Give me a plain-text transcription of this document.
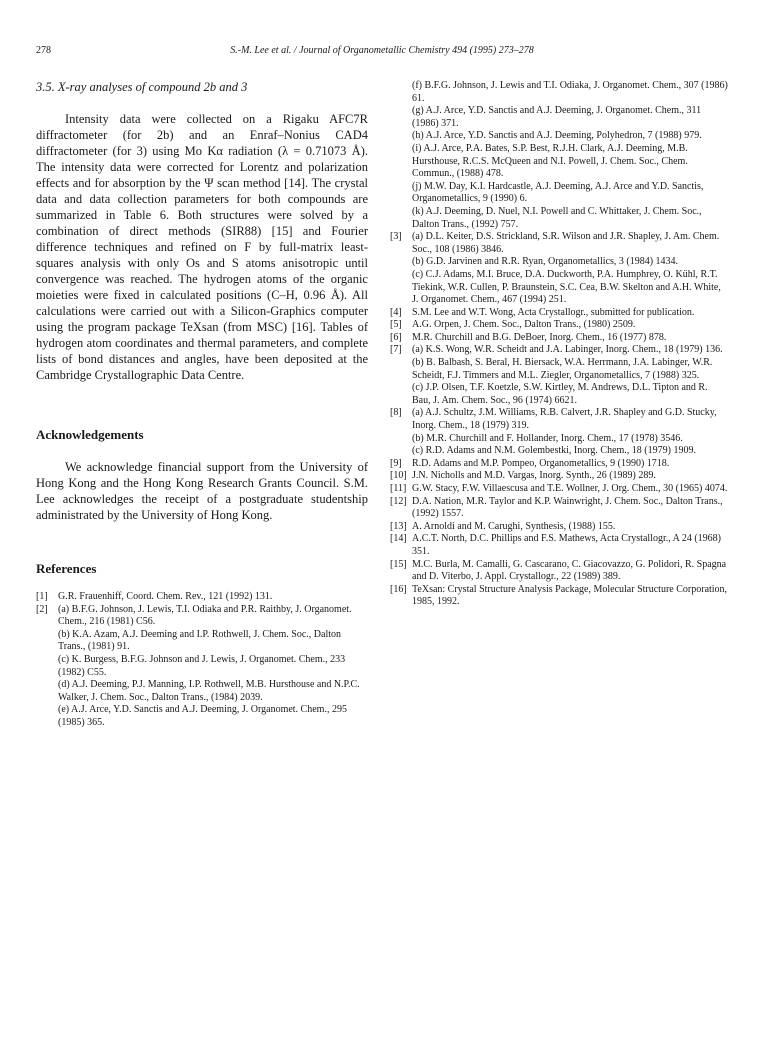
278	S.-M. Lee et al. / Journal of Organometallic Chemistry 494 (1995) 273–278
3.5. X-ray analyses of compound 2b and 3

Intensity data were collected on a Rigaku AFC7R diffractometer (for 2b) and an Enraf–Nonius CAD4 diffractometer (for 3) using Mo Kα radiation (λ = 0.71073 Å). The intensity data were corrected for Lorentz and polarization effects and for absorption by the Ψ scan method [14]. The crystal data and data collection parameters for both compounds are summarized in Table 6. Both structures were solved by a combination of direct methods (SIR88) [15] and Fourier difference techniques and refined on F by full-matrix least-squares analysis with only Os and S atoms anisotropic until convergence was reached. The hydrogen atoms of the organic moieties were fixed in calculated positions (C–H, 0.96 Å). All calculations were carried out with a Silicon-Graphics computer using the program package TeXsan (from MSC) [16]. Tables of hydrogen atom coordinates and thermal parameters, and complete lists of bond distances and angles, have been deposited at the Cambridge Crystallographic Data Centre.

Acknowledgements

We acknowledge financial support from the University of Hong Kong and the Hong Kong Research Grants Council. S.M. Lee acknowledges the receipt of a postgraduate studentship administrated by the University of Hong Kong.

References
[1]	G.R. Frauenhiff, Coord. Chem. Rev., 121 (1992) 131.
[2]	(a) B.F.G. Johnson, J. Lewis, T.I. Odiaka and P.R. Raithby, J. Organomet. Chem., 216 (1981) C56.
(b) K.A. Azam, A.J. Deeming and I.P. Rothwell, J. Chem. Soc., Dalton Trans., (1981) 91.
(c) K. Burgess, B.F.G. Johnson and J. Lewis, J. Organomet. Chem., 233 (1982) C55.
(d) A.J. Deeming, P.J. Manning, I.P. Rothwell, M.B. Hursthouse and N.P.C. Walker, J. Chem. Soc., Dalton Trans., (1984) 2039.
(e) A.J. Arce, Y.D. Sanctis and A.J. Deeming, J. Organomet. Chem., 295 (1985) 365.
(f) B.F.G. Johnson, J. Lewis and T.I. Odiaka, J. Organomet. Chem., 307 (1986) 61.
(g) A.J. Arce, Y.D. Sanctis and A.J. Deeming, J. Organomet. Chem., 311 (1986) 371.
(h) A.J. Arce, Y.D. Sanctis and A.J. Deeming, Polyhedron, 7 (1988) 979.
(i) A.J. Arce, P.A. Bates, S.P. Best, R.J.H. Clark, A.J. Deeming, M.B. Hursthouse, R.C.S. McQueen and N.I. Powell, J. Chem. Soc., Chem. Commun., (1988) 478.
(j) M.W. Day, K.I. Hardcastle, A.J. Deeming, A.J. Arce and Y.D. Sanctis, Organometallics, 9 (1990) 6.
(k) A.J. Deeming, D. Nuel, N.I. Powell and C. Whittaker, J. Chem. Soc., Dalton Trans., (1992) 757.
[3]	(a) D.L. Keiter, D.S. Strickland, S.R. Wilson and J.R. Shapley, J. Am. Chem. Soc., 108 (1986) 3846.
(b) G.D. Jarvinen and R.R. Ryan, Organometallics, 3 (1984) 1434.
(c) C.J. Adams, M.I. Bruce, D.A. Duckworth, P.A. Humphrey, O. Kühl, R.T. Tiekink, W.R. Cullen, P. Braunstein, S.C. Cea, B.W. Skelton and A.H. White, J. Organomet. Chem., 467 (1994) 251.
[4]	S.M. Lee and W.T. Wong, Acta Crystallogr., submitted for publication.
[5]	A.G. Orpen, J. Chem. Soc., Dalton Trans., (1980) 2509.
[6]	M.R. Churchill and B.G. DeBoer, Inorg. Chem., 16 (1977) 878.
[7]	(a) K.S. Wong, W.R. Scheidt and J.A. Labinger, Inorg. Chem., 18 (1979) 136.
(b) B. Balbash, S. Beral, H. Biersack, W.A. Herrmann, J.A. Labinger, W.R. Scheidt, F.J. Timmers and M.L. Ziegler, Organometallics, 7 (1988) 325.
(c) J.P. Olsen, T.F. Koetzle, S.W. Kirtley, M. Andrews, D.L. Tipton and R. Bau, J. Am. Chem. Soc., 96 (1974) 6621.
[8]	(a) A.J. Schultz, J.M. Williams, R.B. Calvert, J.R. Shapley and G.D. Stucky, Inorg. Chem., 18 (1979) 319.
(b) M.R. Churchill and F. Hollander, Inorg. Chem., 17 (1978) 3546.
(c) R.D. Adams and N.M. Golembestki, Inorg. Chem., 18 (1979) 1909.
[9]	R.D. Adams and M.P. Pompeo, Organometallics, 9 (1990) 1718.
[10] J.N. Nicholls and M.D. Vargas, Inorg. Synth., 26 (1989) 289.
[11] G.W. Stacy, F.W. Villaescusa and T.E. Wollner, J. Org. Chem., 30 (1965) 4074.
[12] D.A. Nation, M.R. Taylor and K.P. Wainwright, J. Chem. Soc., Dalton Trans., (1992) 1557.
[13] A. Arnoldi and M. Carughi, Synthesis, (1988) 155.
[14] A.C.T. North, D.C. Phillips and F.S. Mathews, Acta Crystallogr., A 24 (1968) 351.
[15] M.C. Burla, M. Camalli, G. Cascarano, C. Giacovazzo, G. Polidori, R. Spagna and D. Viterbo, J. Appl. Crystallogr., 22 (1989) 389.
[16] TeXsan: Crystal Structure Analysis Package, Molecular Structure Corporation, 1985, 1992.
